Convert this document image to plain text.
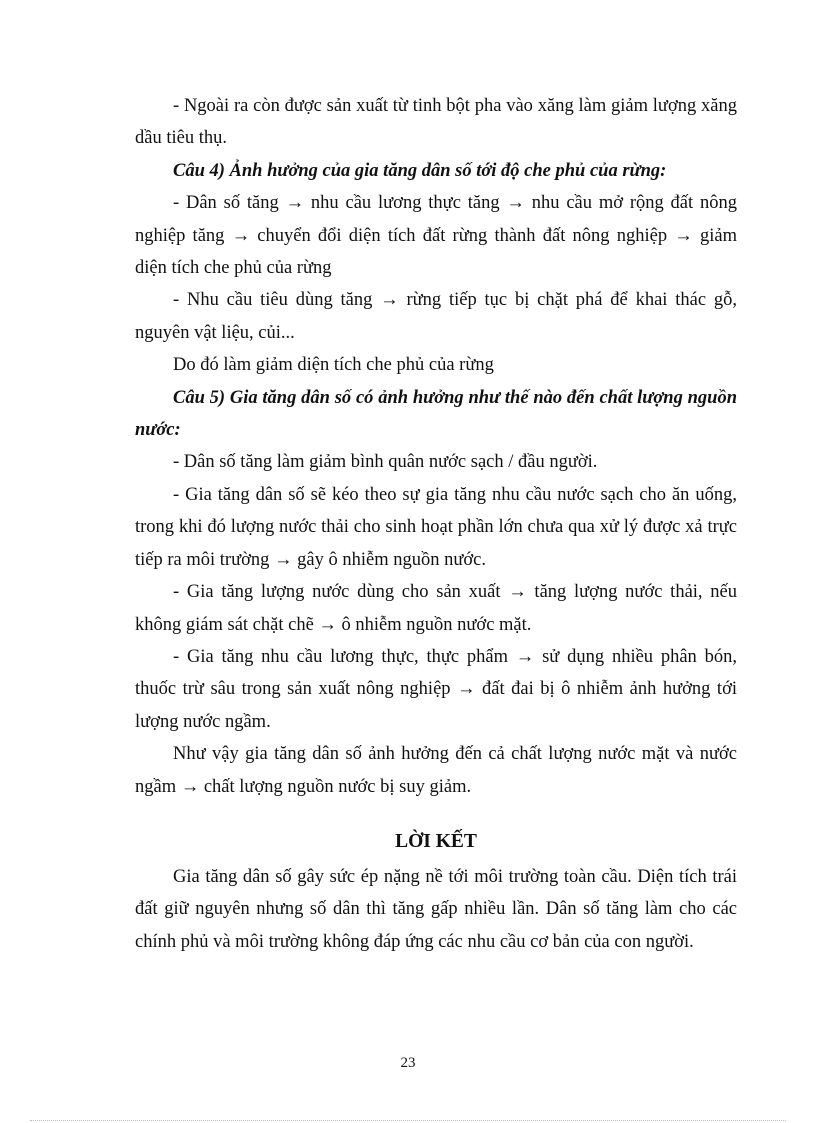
- Ngoài ra còn được sản xuất từ tinh bột pha vào xăng làm giảm lượng xăng dầu tiêu thụ.

Câu 4) Ảnh hưởng của gia tăng dân số tới độ che phủ của rừng:

- Dân số tăng → nhu cầu lương thực tăng → nhu cầu mở rộng đất nông nghiệp tăng → chuyển đổi diện tích đất rừng thành đất nông nghiệp → giảm diện tích che phủ của rừng

- Nhu cầu tiêu dùng tăng → rừng tiếp tục bị chặt phá để khai thác gỗ, nguyên vật liệu, củi...

Do đó làm giảm diện tích che phủ của rừng

Câu 5) Gia tăng dân số có ảnh hưởng như thế nào đến chất lượng nguồn nước:

- Dân số tăng làm giảm bình quân nước sạch / đầu người.

- Gia tăng dân số sẽ kéo theo sự gia tăng nhu cầu nước sạch cho ăn uống, trong khi đó lượng nước thải cho sinh hoạt phần lớn chưa qua xử lý được xả trực tiếp ra môi trường → gây ô nhiễm nguồn nước.

- Gia tăng lượng nước dùng cho sản xuất → tăng lượng nước thải, nếu không giám sát chặt chẽ → ô nhiễm nguồn nước mặt.

- Gia tăng nhu cầu lương thực, thực phẩm → sử dụng nhiều phân bón, thuốc trừ sâu trong sản xuất nông nghiệp → đất đai bị ô nhiễm ảnh hưởng tới lượng nước ngầm.

Như vậy gia tăng dân số ảnh hưởng đến cả chất lượng nước mặt và nước ngầm → chất lượng nguồn nước bị suy giảm.

LỜI KẾT

Gia tăng dân số gây sức ép nặng nề tới môi trường toàn cầu. Diện tích trái đất giữ nguyên nhưng số dân thì tăng gấp nhiều lần. Dân số tăng làm cho các chính phủ và môi trường không đáp ứng các nhu cầu cơ bản của con người.

23
